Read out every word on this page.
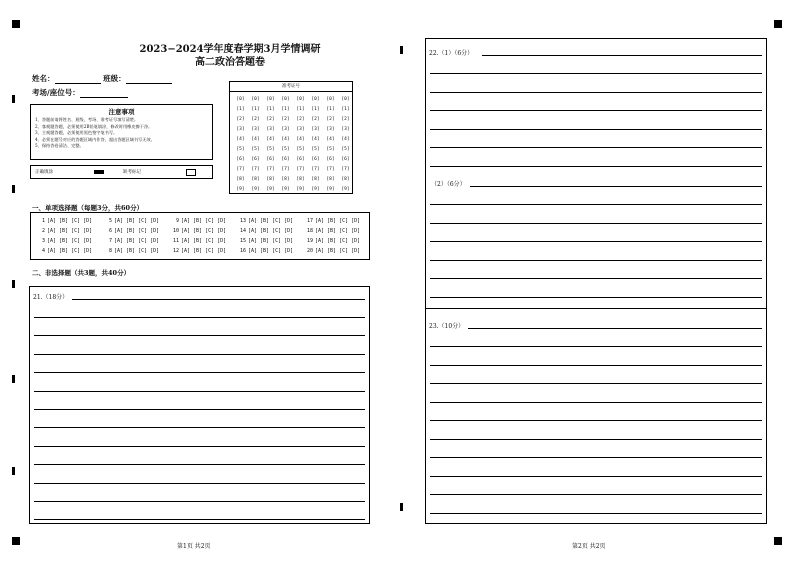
2023−2024学年度春学期3月学情调研
高二政治答题卷
姓名：	班级：
考场/座位号：
注意事项
1、答题前请将姓名、班级、考场、准考证号填写清楚。
2、客观题答题，必须使用2B铅笔填涂，修改时用橡皮擦干净。
3、主观题答题，必须使用黑色签字笔书写。
4、必须在题号对应的答题区域内作答，超出答题区域书写无效。
5、保持答卷清洁、完整。
正确填涂	缺考标记
准考证号
[0]
[1]
[2]
[3]
[4]
[5]
[6]
[7]
[8]
[9]
[0]
[1]
[2]
[3]
[4]
[5]
[6]
[7]
[8]
[9]
[0]
[1]
[2]
[3]
[4]
[5]
[6]
[7]
[8]
[9]
[0]
[1]
[2]
[3]
[4]
[5]
[6]
[7]
[8]
[9]
[0]
[1]
[2]
[3]
[4]
[5]
[6]
[7]
[8]
[9]
[0]
[1]
[2]
[3]
[4]
[5]
[6]
[7]
[8]
[9]
[0]
[1]
[2]
[3]
[4]
[5]
[6]
[7]
[8]
[9]
[0]
[1]
[2]
[3]
[4]
[5]
[6]
[7]
[8]
[9]
一、单项选择题（每题3分，共60分）
1 [A] [B] [C] [D]
2 [A] [B] [C] [D]
3 [A] [B] [C] [D]
4 [A] [B] [C] [D]
5 [A] [B] [C] [D]
6 [A] [B] [C] [D]
7 [A] [B] [C] [D]
8 [A] [B] [C] [D]
9 [A] [B] [C] [D]
10 [A] [B] [C] [D]
11 [A] [B] [C] [D]
12 [A] [B] [C] [D]
13 [A] [B] [C] [D]
14 [A] [B] [C] [D]
15 [A] [B] [C] [D]
16 [A] [B] [C] [D]
17 [A] [B] [C] [D]
18 [A] [B] [C] [D]
19 [A] [B] [C] [D]
20 [A] [B] [C] [D]
二、非选择题（共3题，共40分）
21.（18分）
第1页 共2页
22.（1）（6分）
（2）（6分）
23.（10分）
第2页 共2页
